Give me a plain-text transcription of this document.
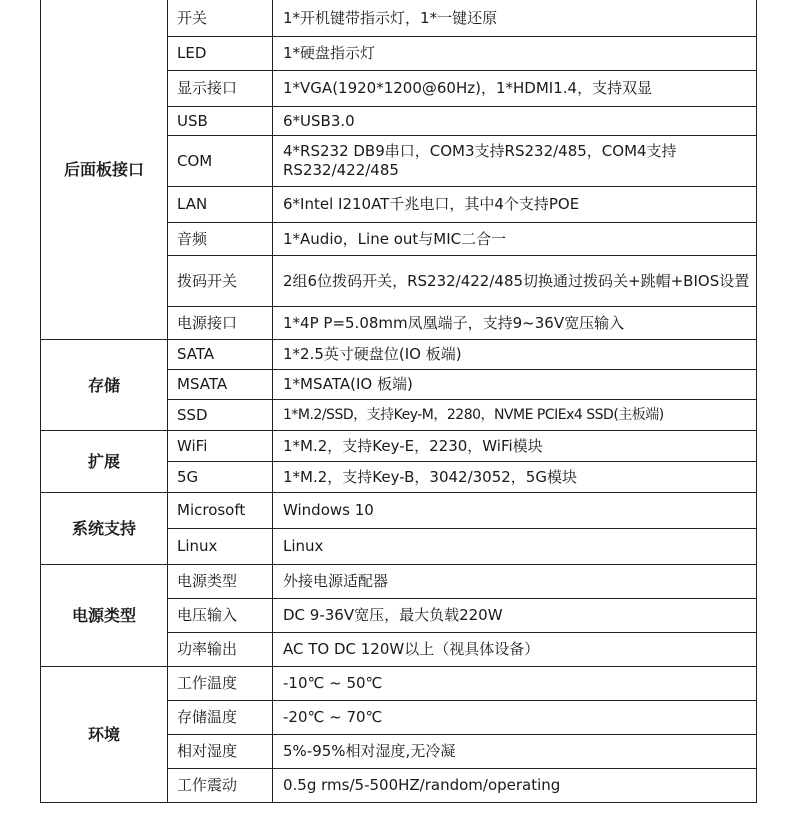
后面板接口	开关	1*开机键带指示灯，1*一键还原
	LED	1*硬盘指示灯
	显示接口	1*VGA(1920*1200@60Hz)，1*HDMI1.4，支持双显
	USB	6*USB3.0
	COM	4*RS232 DB9串口，COM3支持RS232/485，COM4支持RS232/422/485
	LAN	6*Intel I210AT千兆电口，其中4个支持POE
	音频	1*Audio，Line out与MIC二合一
	拨码开关	2组6位拨码开关，RS232/422/485切换通过拨码关+跳帽+BIOS设置
	电源接口	1*4P P=5.08mm凤凰端子，支持9~36V宽压输入
存储	SATA	1*2.5英寸硬盘位(IO 板端)
	MSATA	1*MSATA(IO 板端)
	SSD	1*M.2/SSD，支持Key-M，2280，NVME PCIEx4 SSD(主板端)
扩展	WiFi	1*M.2，支持Key-E，2230，WiFi模块
	5G	1*M.2，支持Key-B，3042/3052，5G模块
系统支持	Microsoft	Windows 10
	Linux	Linux
电源类型	电源类型	外接电源适配器
	电压输入	DC 9-36V宽压，最大负载220W
	功率输出	AC TO DC 120W以上（视具体设备）
环境	工作温度	-10℃ ~ 50℃
	存储温度	-20℃ ~ 70℃
	相对湿度	5%-95%相对湿度,无冷凝
	工作震动	0.5g rms/5-500HZ/random/operating
